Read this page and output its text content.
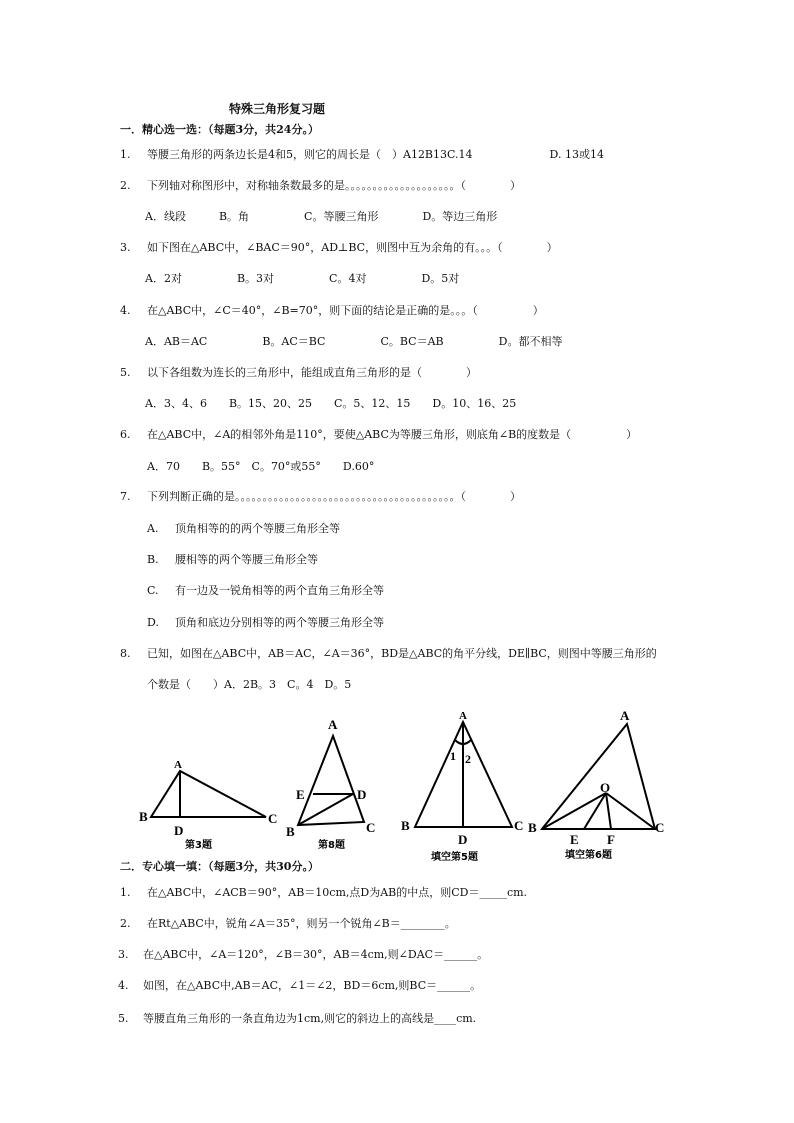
特殊三角形复习题
一．精心选一选：（每题3分，共24分。）
1. 等腰三角形的两条边长是4和5，则它的周长是（　）A12B13C.14　　　　　　　D. 13或14
2. 下列轴对称图形中，对称轴条数最多的是。。。。。。。。。。。。。。。。。。。。（　　　　）
A．线段　　　B。角　　　　　C。等腰三角形　　　　D。等边三角形
3. 如下图在△ABC中，∠BAC＝90°，AD⊥BC，则图中互为余角的有。。。（　　　　）
A．2对　　　　　B。3对　　　　　C。4对　　　　　D。5对
4. 在△ABC中，∠C＝40°，∠B=70°，则下面的结论是正确的是。。。（　　　　　）
A．AB＝AC　　　　　B。AC＝BC　　　　　C。BC＝AB　　　　　D。都不相等
5. 以下各组数为连长的三角形中，能组成直角三角形的是（　　　　）
A．3、4、6　　B。15、20、25　　C。5、12、15　　D。10、16、25
6. 在△ABC中，∠A的相邻外角是110°，要使△ABC为等腰三角形，则底角∠B的度数是（　　　　　）
A．70　　B。55°　C。70°或55°　　D.60°
7. 下列判断正确的是。。。。。。。。。。。。。。。。。。。。。。。。。。。。。。。。。。。。。。。。（　　　　）
A. 顶角相等的的两个等腰三角形全等
B. 腰相等的两个等腰三角形全等
C. 有一边及一锐角相等的两个直角三角形全等
D. 顶角和底边分别相等的两个等腰三角形全等
8. 已知，如图在△ABC中，AB＝AC，∠A＝36°，BD是△ABC的角平分线，DE∥BC，则图中等腰三角形的
个数是（　　）A．2B。3　C。4　D。5
A
B	C
D
第3题
A
B	C
D
E
第8题
A
B	C
D
1 2
填空第5题
A
B	C
O
E F
填空第6题
二．专心填一填：（每题3分，共30分。）
1. 在△ABC中，∠ACB＝90°，AB＝10cm,点D为AB的中点，则CD＝_____cm.
2. 在Rt△ABC中，锐角∠A＝35°，则另一个锐角∠B＝________。
3. 在△ABC中，∠A＝120°，∠B＝30°，AB＝4cm,则∠DAC＝______。
4. 如图，在△ABC中,AB＝AC，∠1＝∠2，BD＝6cm,则BC＝______。
5. 等腰直角三角形的一条直角边为1cm,则它的斜边上的高线是____cm.
